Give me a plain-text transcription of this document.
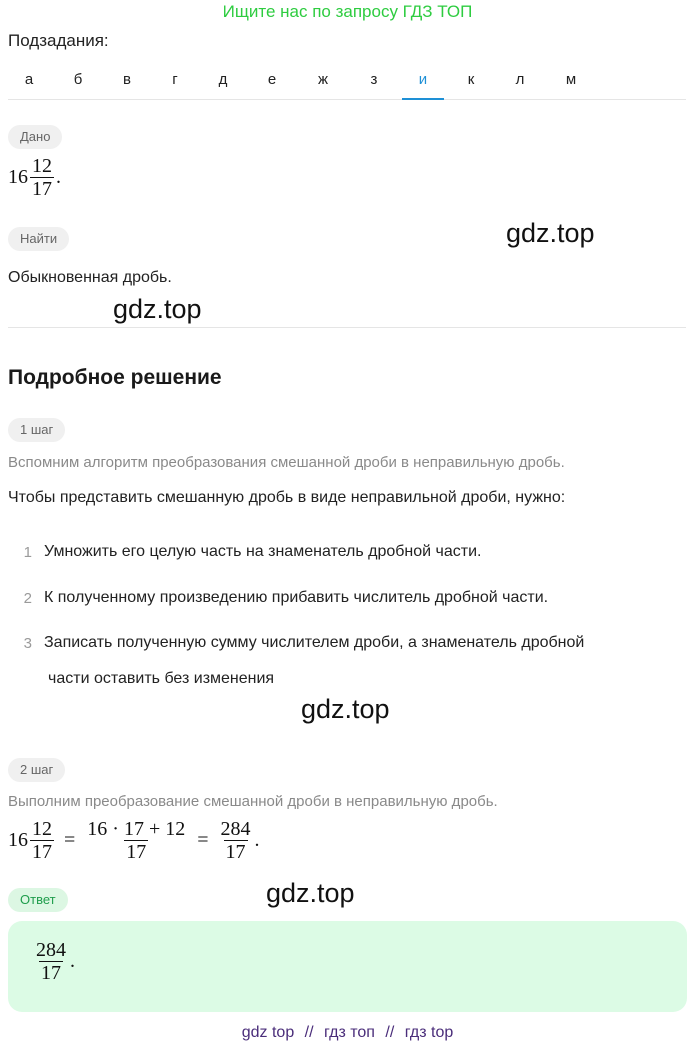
Ищите нас по запросу ГДЗ ТОП
Подзадания:
а	б	в	г	д	е	ж	з	и	к	л	м
Дано
$16 \frac{12}{17}$ .
Найти	gdz.top
Обыкновенная дробь.
gdz.top
Подробное решение
1 шаг
Вспомним алгоритм преобразования смешанной дроби в неправильную дробь.
Чтобы представить смешанную дробь в виде неправильной дроби, нужно:
1 Умножить его целую часть на знаменатель дробной части.
2 К полученному произведению прибавить числитель дробной части.
3 Записать полученную сумму числителем дроби, а знаменатель дробной
части оставить без изменения
gdz.top
2 шаг
Выполним преобразование смешанной дроби в неправильную дробь.
$16 \frac{12}{17} = \frac{16 \cdot 17 + 12}{17} = \frac{284}{17}$ .
Ответ	gdz.top
$\frac{284}{17}$ .
gdz top // гдз топ // гдз top
